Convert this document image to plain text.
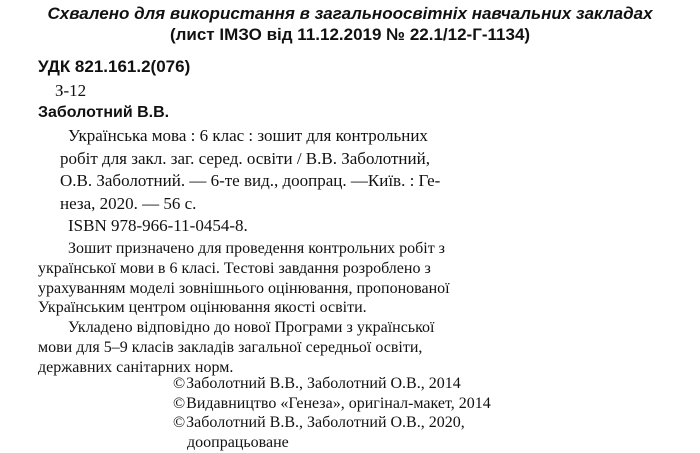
Схвалено для використання в загальноосвітніх навчальних закладах
(лист ІМЗО від 11.12.2019 № 22.1/12-Г-1134)
УДК 821.161.2(076)
З-12
Заболотний В.В.
Українська мова : 6 клас : зошит для контрольних
робіт для закл. заг. серед. освіти / В.В. Заболотний,
О.В. Заболотний. — 6-те вид., доопрац. —Київ. : Ге-
неза, 2020. — 56 с.
ISBN 978-966-11-0454-8.
Зошит призначено для проведення контрольних робіт з
української мови в 6 класі. Тестові завдання розроблено з
урахуванням моделі зовнішнього оцінювання, пропонованої
Українським центром оцінювання якості освіти.
Укладено відповідно до нової Програми з української
мови для 5–9 класів закладів загальної середньої освіти,
державних санітарних норм.
©Заболотний В.В., Заболотний О.В., 2014
©Видавництво «Генеза», оригінал-макет, 2014
©Заболотний В.В., Заболотний О.В., 2020,
доопрацьоване
